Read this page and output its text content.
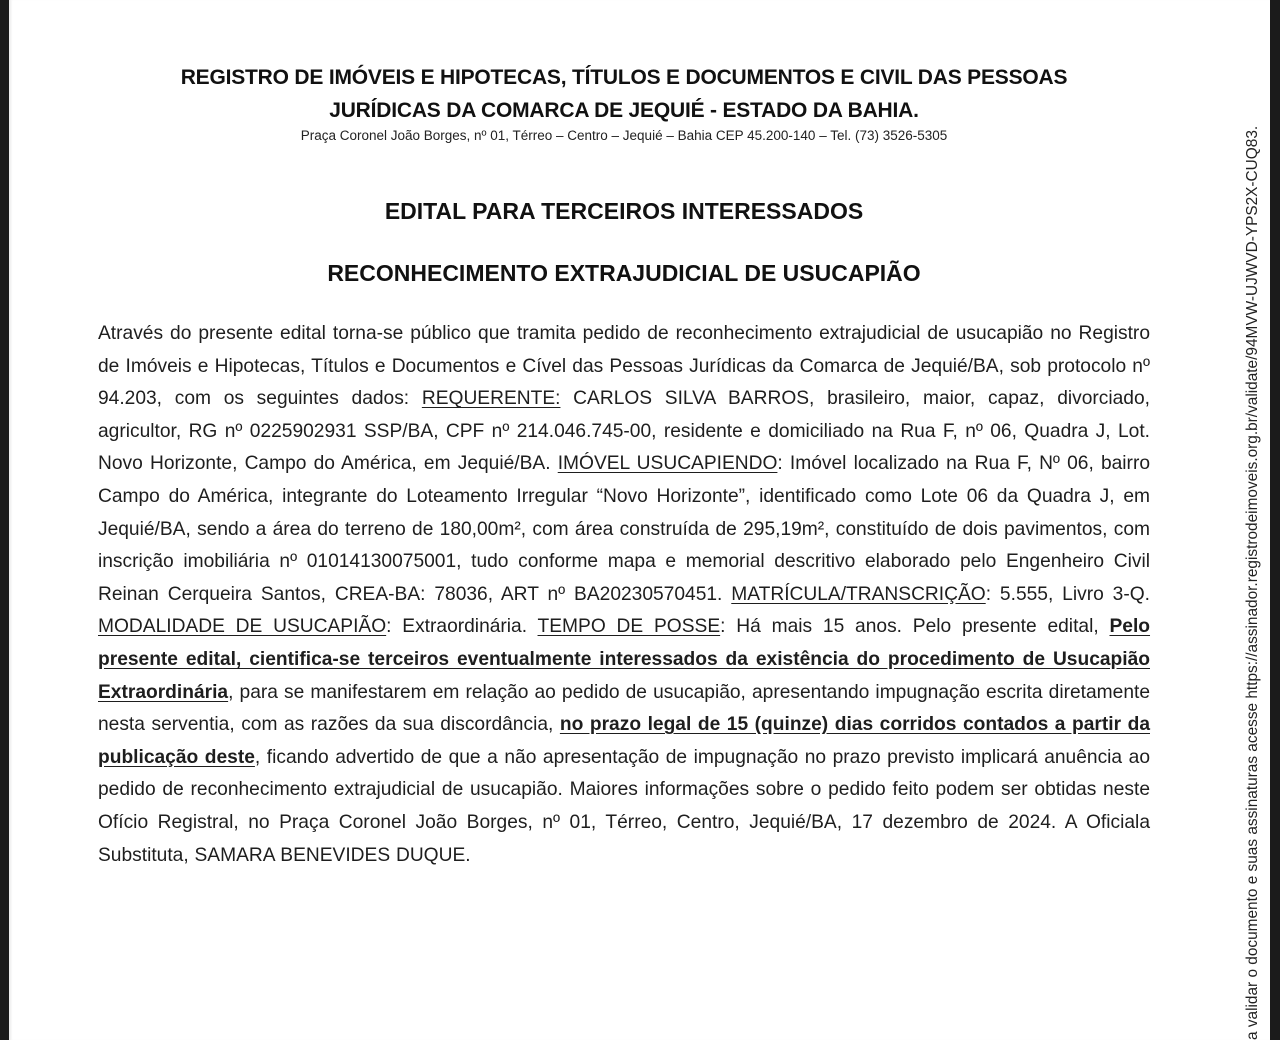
REGISTRO DE IMÓVEIS E HIPOTECAS, TÍTULOS E DOCUMENTOS E CIVIL DAS PESSOAS
JURÍDICAS DA COMARCA DE JEQUIÉ - ESTADO DA BAHIA.
Praça Coronel João Borges, nº 01, Térreo – Centro – Jequié – Bahia CEP 45.200-140 – Tel. (73) 3526-5305
EDITAL PARA TERCEIROS INTERESSADOS
RECONHECIMENTO EXTRAJUDICIAL DE USUCAPIÃO
Através do presente edital torna-se público que tramita pedido de reconhecimento extrajudicial de usucapião no Registro de Imóveis e Hipotecas, Títulos e Documentos e Cível das Pessoas Jurídicas da Comarca de Jequié/BA, sob protocolo nº 94.203, com os seguintes dados: REQUERENTE: CARLOS SILVA BARROS, brasileiro, maior, capaz, divorciado, agricultor, RG nº 0225902931 SSP/BA, CPF nº 214.046.745-00, residente e domiciliado na Rua F, nº 06, Quadra J, Lot. Novo Horizonte, Campo do América, em Jequié/BA. IMÓVEL USUCAPIENDO: Imóvel localizado na Rua F, Nº 06, bairro Campo do América, integrante do Loteamento Irregular “Novo Horizonte”, identificado como Lote 06 da Quadra J, em Jequié/BA, sendo a área do terreno de 180,00m², com área construída de 295,19m², constituído de dois pavimentos, com inscrição imobiliária nº 01014130075001, tudo conforme mapa e memorial descritivo elaborado pelo Engenheiro Civil Reinan Cerqueira Santos, CREA-BA: 78036, ART nº BA20230570451. MATRÍCULA/TRANSCRIÇÃO: 5.555, Livro 3-Q. MODALIDADE DE USUCAPIÃO: Extraordinária. TEMPO DE POSSE: Há mais 15 anos. Pelo presente edital, Pelo presente edital, cientifica-se terceiros eventualmente interessados da existência do procedimento de Usucapião Extraordinária, para se manifestarem em relação ao pedido de usucapião, apresentando impugnação escrita diretamente nesta serventia, com as razões da sua discordância, no prazo legal de 15 (quinze) dias corridos contados a partir da publicação deste, ficando advertido de que a não apresentação de impugnação no prazo previsto implicará anuência ao pedido de reconhecimento extrajudicial de usucapião. Maiores informações sobre o pedido feito podem ser obtidas neste Ofício Registral, no Praça Coronel João Borges, nº 01, Térreo, Centro, Jequié/BA, 17 dezembro de 2024. A Oficiala Substituta, SAMARA BENEVIDES DUQUE.	a validar o documento e suas assinaturas acesse https://assinador.registrodeimoveis.org.br/validate/94MVW-UJWVD-YPS2X-CUQ83.
